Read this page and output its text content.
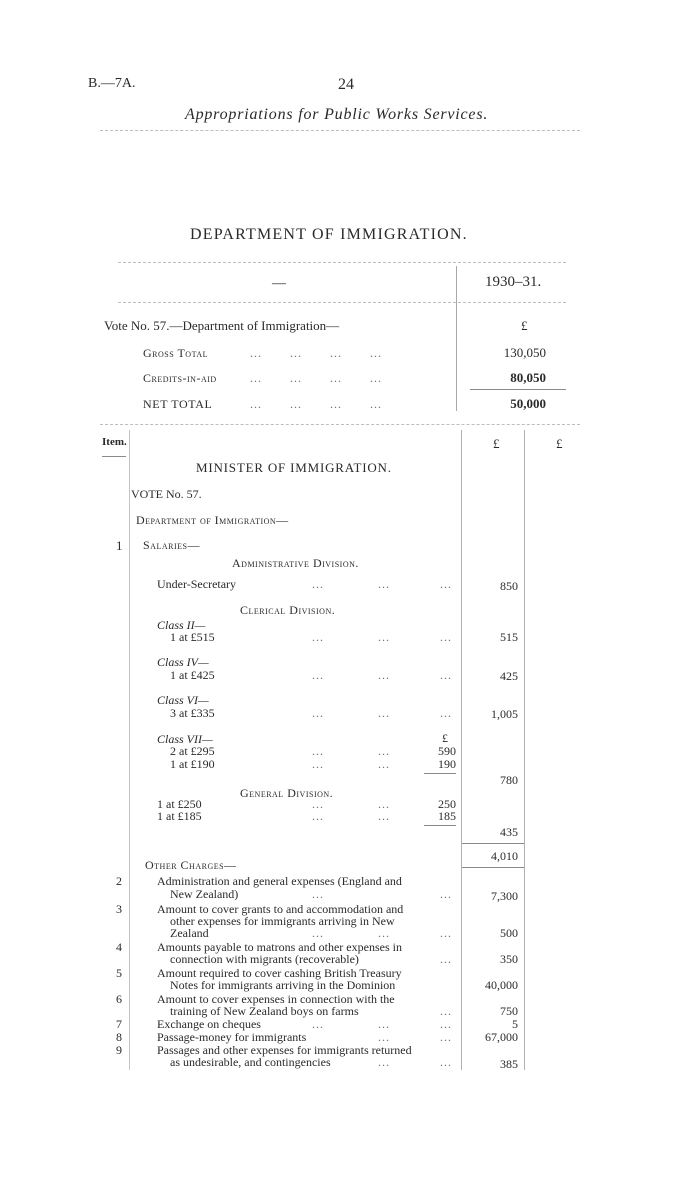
B.—7A.	24
Appropriations for Public Works Services.
DEPARTMENT OF IMMIGRATION.
—	1930–31.
Vote No. 57.—Department of Immigration—	£
Gross Total	... ... ... ...	130,050
Credits-in-aid	... ... ... ...	80,050
NET TOTAL	... ... ... ...	50,000
Item.	£	£
MINISTER OF IMMIGRATION.
VOTE No. 57.
Department of Immigration—
1 Salaries—
Administrative Division.
Under-Secretary	...	...	...	850
Clerical Division.
Class II—
1 at £515	...	...	...	515
Class IV—
1 at £425	...	...	...	425
Class VI—
3 at £335	...	...	...	1,005
Class VII—	£
2 at £295	...	...	590
1 at £190	...	...	190
780
General Division.
1 at £250	...	...	250
1 at £185	...	...	185
435
4,010
Other Charges—
2	Administration and general expenses (England and
New Zealand)	...	...	7,300
3	Amount to cover grants to and accommodation and
other expenses for immigrants arriving in New
Zealand	...	...	...	500
4	Amounts payable to matrons and other expenses in
connection with migrants (recoverable)	...	350
5	Amount required to cover cashing British Treasury
Notes for immigrants arriving in the Dominion	40,000
6	Amount to cover expenses in connection with the
training of New Zealand boys on farms	...	750
7	Exchange on cheques	...	...	...	5
8	Passage-money for immigrants	...	...	67,000
9	Passages and other expenses for immigrants returned
as undesirable, and contingencies	...	...	385
